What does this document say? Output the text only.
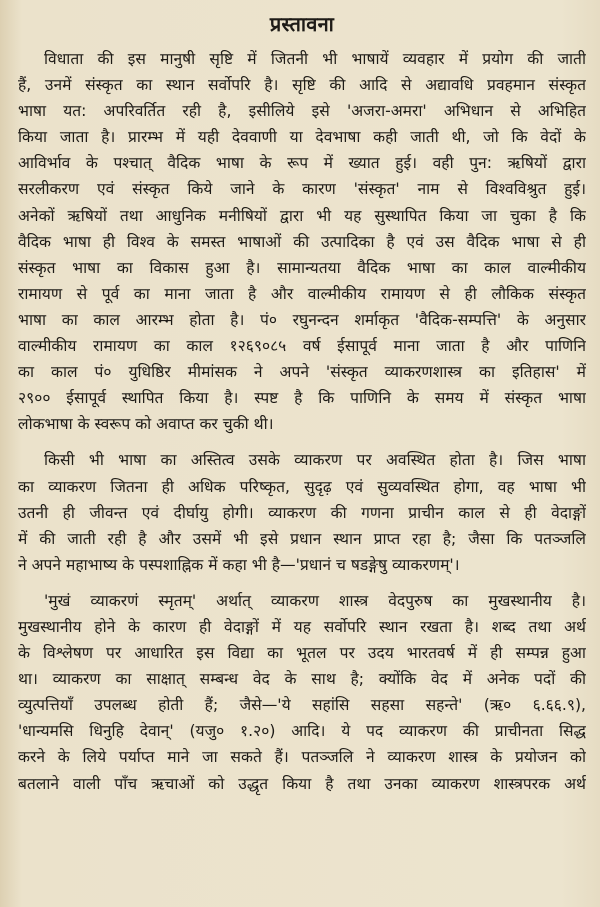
प्रस्तावना
विधाता की इस मानुषी सृष्टि में जितनी भी भाषायें व्यवहार में प्रयोग की जाती
हैं, उनमें संस्कृत का स्थान सर्वोपरि है। सृष्टि की आदि से अद्यावधि प्रवहमान संस्कृत
भाषा यत: अपरिवर्तित रही है, इसीलिये इसे 'अजरा-अमरा' अभिधान से अभिहित
किया जाता है। प्रारम्भ में यही देववाणी या देवभाषा कही जाती थी, जो कि वेदों के
आविर्भाव के पश्चात् वैदिक भाषा के रूप में ख्यात हुई। वही पुन: ऋषियों द्वारा
सरलीकरण एवं संस्कृत किये जाने के कारण 'संस्कृत' नाम से विश्वविश्रुत हुई।
अनेकों ऋषियों तथा आधुनिक मनीषियों द्वारा भी यह सुस्थापित किया जा चुका है कि
वैदिक भाषा ही विश्व के समस्त भाषाओं की उत्पादिका है एवं उस वैदिक भाषा से ही
संस्कृत भाषा का विकास हुआ है। सामान्यतया वैदिक भाषा का काल वाल्मीकीय
रामायण से पूर्व का माना जाता है और वाल्मीकीय रामायण से ही लौकिक संस्कृत
भाषा का काल आरम्भ होता है। पं० रघुनन्दन शर्माकृत 'वैदिक-सम्पत्ति' के अनुसार
वाल्मीकीय रामायण का काल १२६९०८५ वर्ष ईसापूर्व माना जाता है और पाणिनि
का काल पं० युधिष्ठिर मीमांसक ने अपने 'संस्कृत व्याकरणशास्त्र का इतिहास' में
२९०० ईसापूर्व स्थापित किया है। स्पष्ट है कि पाणिनि के समय में संस्कृत भाषा
लोकभाषा के स्वरूप को अवाप्त कर चुकी थी।
किसी भी भाषा का अस्तित्व उसके व्याकरण पर अवस्थित होता है। जिस भाषा
का व्याकरण जितना ही अधिक परिष्कृत, सुदृढ़ एवं सुव्यवस्थित होगा, वह भाषा भी
उतनी ही जीवन्त एवं दीर्घायु होगी। व्याकरण की गणना प्राचीन काल से ही वेदाङ्गों
में की जाती रही है और उसमें भी इसे प्रधान स्थान प्राप्त रहा है; जैसा कि पतञ्जलि
ने अपने महाभाष्य के पस्पशाह्निक में कहा भी है—'प्रधानं च षडङ्गेषु व्याकरणम्'।
'मुखं व्याकरणं स्मृतम्' अर्थात् व्याकरण शास्त्र वेदपुरुष का मुखस्थानीय है।
मुखस्थानीय होने के कारण ही वेदाङ्गों में यह सर्वोपरि स्थान रखता है। शब्द तथा अर्थ
के विश्लेषण पर आधारित इस विद्या का भूतल पर उदय भारतवर्ष में ही सम्पन्न हुआ
था। व्याकरण का साक्षात् सम्बन्ध वेद के साथ है; क्योंकि वेद में अनेक पदों की
व्युत्पत्तियाँ उपलब्ध होती हैं; जैसे—'ये सहांसि सहसा सहन्ते' (ऋ० ६.६६.९),
'धान्यमसि धिनुहि देवान्' (यजु० १.२०) आदि। ये पद व्याकरण की प्राचीनता सिद्ध
करने के लिये पर्याप्त माने जा सकते हैं। पतञ्जलि ने व्याकरण शास्त्र के प्रयोजन को
बतलाने वाली पाँच ऋचाओं को उद्धृत किया है तथा उनका व्याकरण शास्त्रपरक अर्थ
